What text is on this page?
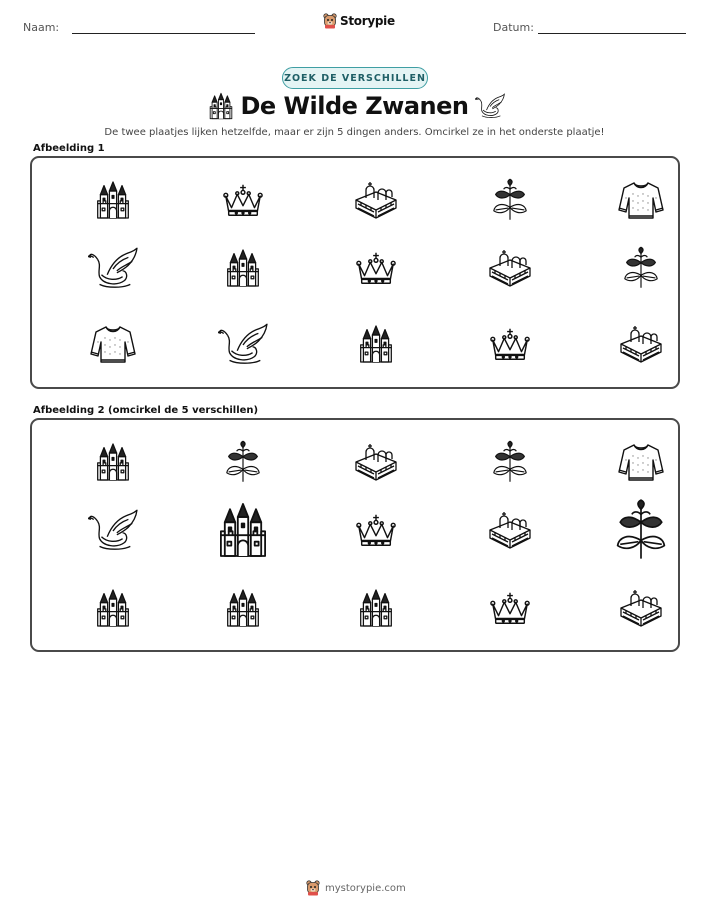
Naam:	Storypie	Datum:
ZOEK DE VERSCHILLEN
De Wilde Zwanen
De twee plaatjes lijken hetzelfde, maar er zijn 5 dingen anders. Omcirkel ze in het onderste plaatje!
Afbeelding 1
Afbeelding 2 (omcirkel de 5 verschillen)
mystorypie.com
